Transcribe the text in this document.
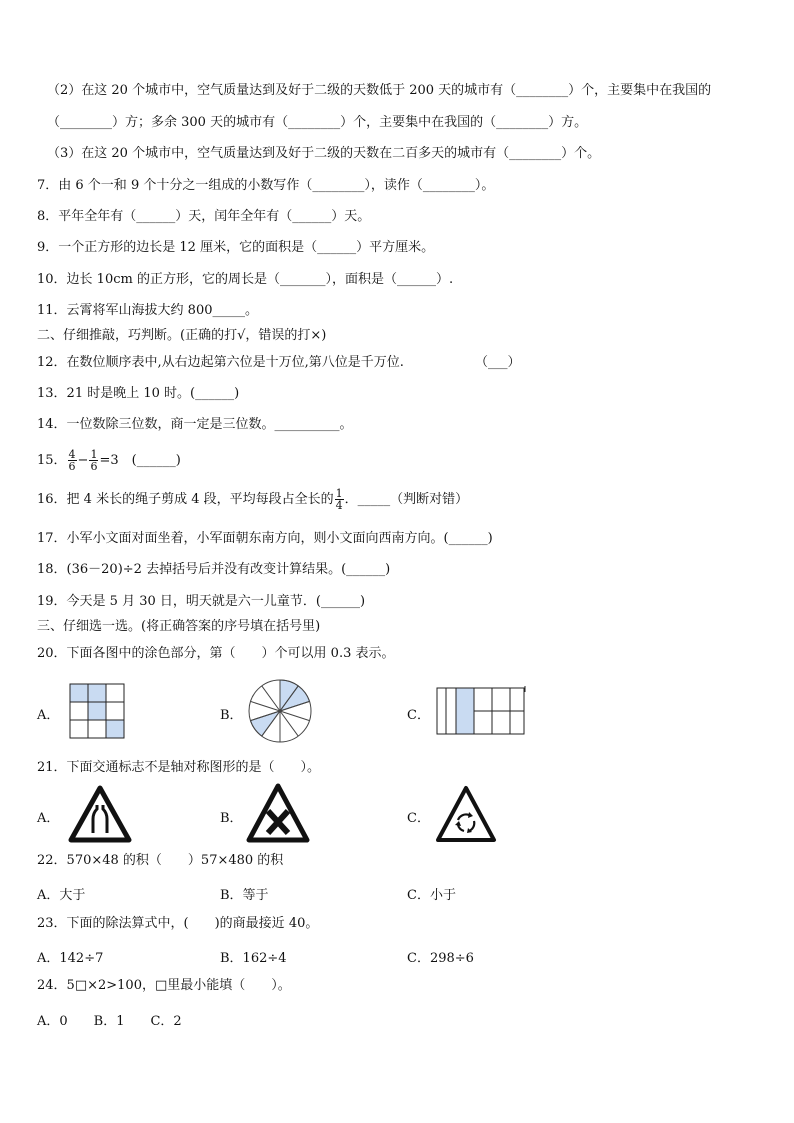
（2）在这 20 个城市中，空气质量达到及好于二级的天数低于 200 天的城市有（________）个，主要集中在我国的
（________）方；多余 300 天的城市有（________）个，主要集中在我国的（________）方。
（3）在这 20 个城市中，空气质量达到及好于二级的天数在二百多天的城市有（________）个。
7．由 6 个一和 9 个十分之一组成的小数写作（________），读作（________）。
8．平年全年有（______）天，闰年全年有（______）天。
9．一个正方形的边长是 12 厘米，它的面积是（______）平方厘米。
10．边长 10cm 的正方形，它的周长是（_______），面积是（______）.
11．云霄将军山海拔大约 800_____。
二、仔细推敲，巧判断。(正确的打√，错误的打×)
12．在数位顺序表中,从右边起第六位是十万位,第八位是千万位.	（___）
13．21 时是晚上 10 时。(______)
14．一位数除三位数，商一定是三位数。__________。
15． $\frac{4}{6} - \frac{1}{6} =3$　(______)
16．把 4 米长的绳子剪成 4 段，平均每段占全长的 $\frac{1}{4}$ ．_____（判断对错）
17．小军小文面对面坐着，小军面朝东南方向，则小文面向西南方向。(______)
18．(36－20)÷2 去掉括号后并没有改变计算结果。(______)
19．今天是 5 月 30 日，明天就是六一儿童节．(______)
三、仔细选一选。(将正确答案的序号填在括号里)
20．下面各图中的涂色部分，第（　　）个可以用 0.3 表示。
A．	B．	C．
21．下面交通标志不是轴对称图形的是（　　）。
A．	B．	C．
22．570×48 的积（　　）57×480 的积
A．大于	B．等于	C．小于
23．下面的除法算式中，(　　)的商最接近 40。
A．142÷7	B．162÷4	C．298÷6
24．5□×2>100，□里最小能填（　　）。
A．0　　B．1　　C．2
